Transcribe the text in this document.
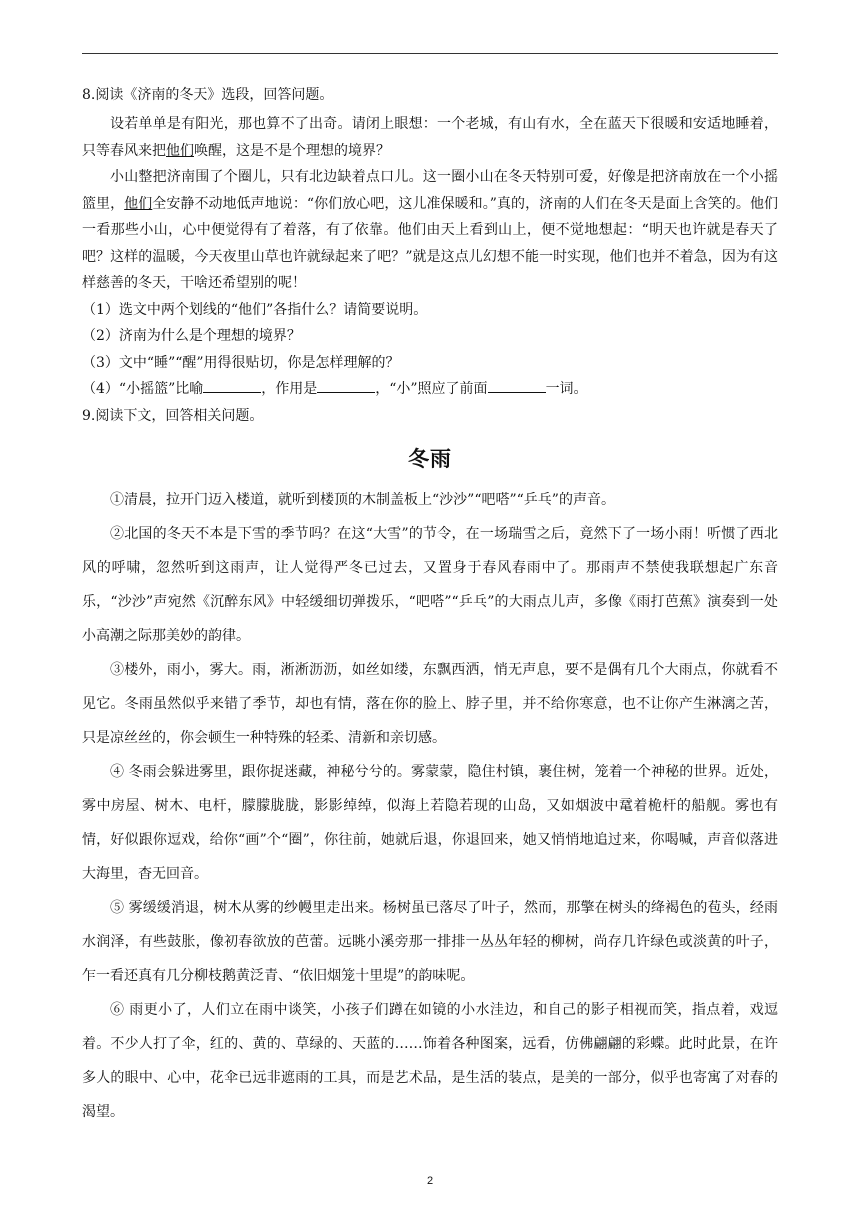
8.阅读《济南的冬天》选段，回答问题。

设若单单是有阳光，那也算不了出奇。请闭上眼想：一个老城，有山有水，全在蓝天下很暖和安适地睡着，只等春风来把他们唤醒，这是不是个理想的境界？

小山整把济南围了个圈儿，只有北边缺着点口儿。这一圈小山在冬天特别可爱，好像是把济南放在一个小摇篮里，他们全安静不动地低声地说：“你们放心吧，这儿准保暖和。”真的，济南的人们在冬天是面上含笑的。他们一看那些小山，心中便觉得有了着落，有了依靠。他们由天上看到山上，便不觉地想起：“明天也许就是春天了吧？这样的温暖，今天夜里山草也许就绿起来了吧？”就是这点儿幻想不能一时实现，他们也并不着急，因为有这样慈善的冬天，干啥还希望别的呢！

（1）选文中两个划线的“他们”各指什么？请简要说明。

（2）济南为什么是个理想的境界？

（3）文中“睡”“醒”用得很贴切，你是怎样理解的？

（4）“小摇篮”比喻	，作用是	，“小”照应了前面	一词。

9.阅读下文，回答相关问题。

冬雨

①清晨，拉开门迈入楼道，就听到楼顶的木制盖板上“沙沙”“吧嗒”“乒乓”的声音。

②北国的冬天不本是下雪的季节吗？在这“大雪”的节令，在一场瑞雪之后，竟然下了一场小雨！听惯了西北风的呼啸，忽然听到这雨声，让人觉得严冬已过去，又置身于春风春雨中了。那雨声不禁使我联想起广东音乐，“沙沙”声宛然《沉醉东风》中轻缓细切弹拨乐，“吧嗒”“乒乓”的大雨点儿声，多像《雨打芭蕉》演奏到一处小高潮之际那美妙的韵律。

③楼外，雨小，雾大。雨，淅淅沥沥，如丝如缕，东飘西洒，悄无声息，要不是偶有几个大雨点，你就看不见它。冬雨虽然似乎来错了季节，却也有情，落在你的脸上、脖子里，并不给你寒意，也不让你产生淋漓之苦，只是凉丝丝的，你会顿生一种特殊的轻柔、清新和亲切感。

④ 冬雨会躲进雾里，跟你捉迷藏，神秘兮兮的。雾蒙蒙，隐住村镇，裹住树，笼着一个神秘的世界。近处，雾中房屋、树木、电杆，朦朦胧胧，影影绰绰，似海上若隐若现的山岛，又如烟波中鼋着桅杆的船舰。雾也有情，好似跟你逗戏，给你“画”个“圈”，你往前，她就后退，你退回来，她又悄悄地追过来，你喝喊，声音似落进大海里，杳无回音。

⑤ 雾缓缓消退，树木从雾的纱幔里走出来。杨树虽已落尽了叶子，然而，那擎在树头的绛褐色的苞头，经雨水润泽，有些鼓胀，像初春欲放的芭蕾。远眺小溪旁那一排排一丛丛年轻的柳树，尚存几许绿色或淡黄的叶子，乍一看还真有几分柳枝鹅黄泛青、“依旧烟笼十里堤”的韵味呢。

⑥ 雨更小了，人们立在雨中谈笑，小孩子们蹲在如镜的小水洼边，和自己的影子相视而笑，指点着，戏逗着。不少人打了伞，红的、黄的、草绿的、天蓝的……饰着各种图案，远看，仿佛翩翩的彩蝶。此时此景，在许多人的眼中、心中，花伞已远非遮雨的工具，而是艺术品，是生活的装点，是美的一部分，似乎也寄寓了对春的渴望。

2
